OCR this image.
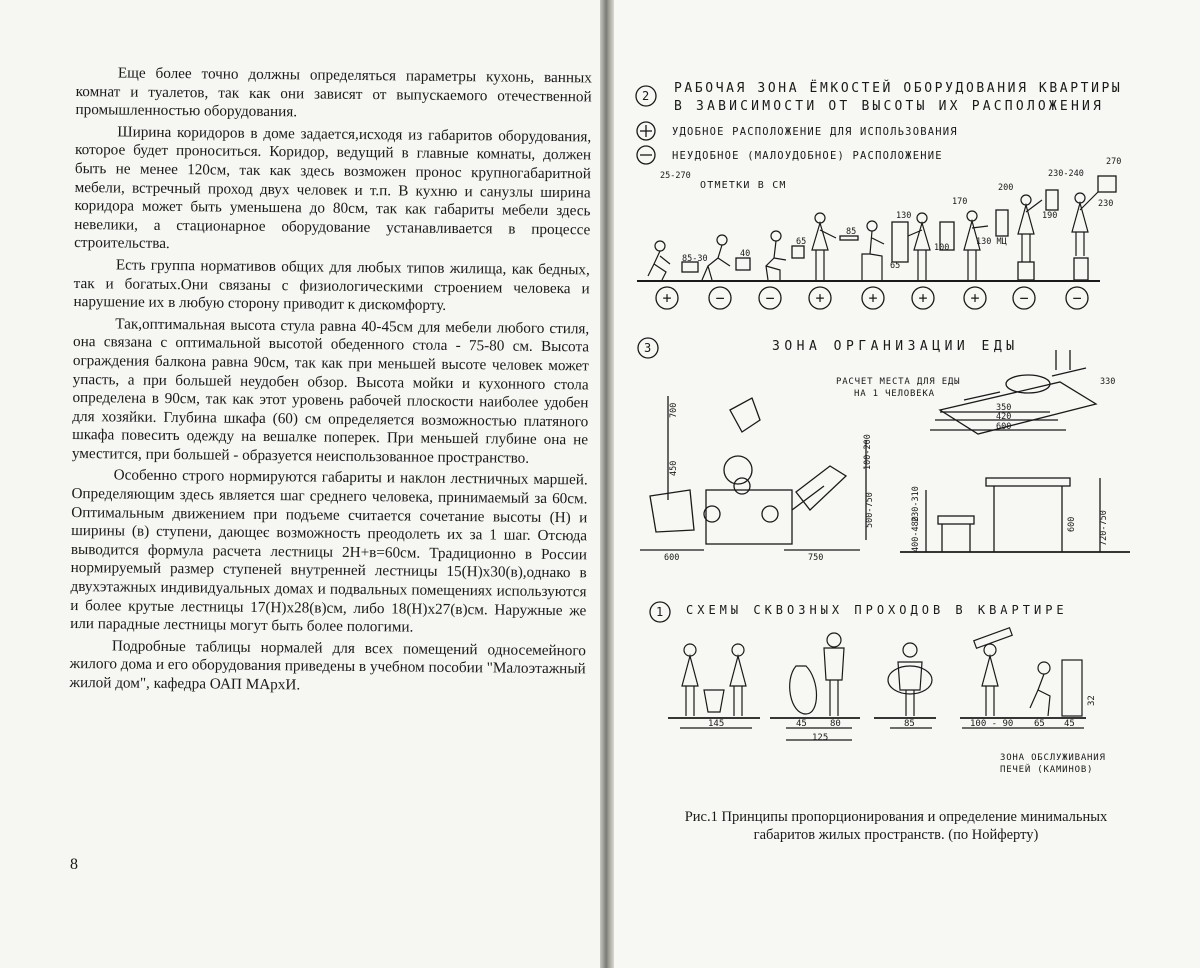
Еще более точно должны определяться параметры кухонь, ванных комнат и туалетов, так как они зависят от выпускаемого отечественной промышленностью оборудования.

Ширина коридоров в доме задается,исходя из габаритов оборудования, которое будет проноситься. Коридор, ведущий в главные комнаты, должен быть не менее 120см, так как здесь возможен пронос крупногабаритной мебели, встречный проход двух человек и т.п. В кухню и санузлы ширина коридора может быть уменьшена до 80см, так как габариты мебели здесь невелики, а стационарное оборудование устанавливается в процессе строительства.

Есть группа нормативов общих для любых типов жилища, как бедных, так и богатых.Они связаны с физиологическими строением человека и нарушение их в любую сторону приводит к дискомфорту.

Так,оптимальная высота стула равна 40-45см для мебели любого стиля, она связана с оптимальной высотой обеденного стола - 75-80 см. Высота ограждения балкона равна 90см, так как при меньшей высоте человек может упасть, а при большей неудобен обзор. Высота мойки и кухонного стола определена в 90см, так как этот уровень рабочей плоскости наиболее удобен для хозяйки. Глубина шкафа (60) см определяется возможностью платяного шкафа повесить одежду на вешалке поперек. При меньшей глубине она не уместится, при большей - образуется неиспользованное пространство.

Особенно строго нормируются габариты и наклон лестничных маршей. Определяющим здесь является шаг среднего человека, принимаемый за 60см. Оптимальным движением при подъеме считается сочетание высоты (Н) и ширины (в) ступени, дающеє возможность преодолеть их за 1 шаг. Отсюда выводится формула расчета лестницы 2Н+в=60см. Традиционно в России нормируемый размер ступеней внутренней лестницы 15(Н)х30(в),однако в двухэтажных индивидуальных домах и подвальных помещениях используются и более крутые лестницы 17(Н)х28(в)см, либо 18(Н)х27(в)см. Наружные же или парадные лестницы могут быть более пологими.

Подробные таблицы нормалей для всех помещений односемейного жилого дома и его оборудования приведены в учебном пособии "Малоэтажный жилой дом", кафедра ОАП МАрхИ.

8
2 РАБОЧАЯ ЗОНА ЁМКОСТЕЙ ОБОРУДОВАНИЯ КВАРТИРЫ
В ЗАВИСИМОСТИ ОТ ВЫСОТЫ ИХ РАСПОЛОЖЕНИЯ
УДОБНОЕ РАСПОЛОЖЕНИЕ ДЛЯ ИСПОЛЬЗОВАНИЯ
НЕУДОБНОЕ (МАЛОУДОБНОЕ) РАСПОЛОЖЕНИЕ
ОТМЕТКИ В СМ
25-270
85-30	40
65
85
130
65
100
170
130 МЦ
200
230-240
190
270
230
+	−	−	+	+	+	+	−	−
3	ЗОНА ОРГАНИЗАЦИИ ЕДЫ
РАСЧЕТ МЕСТА ДЛЯ ЕДЫ
НА 1 ЧЕЛОВЕКА
350
420
600
330
700
450	100-200
500-750
600	750
230-310
400-480	600	720-750
1 СХЕМЫ СКВОЗНЫХ ПРОХОДОВ В КВАРТИРЕ
145	45	80
125
85	100 - 90 65 45
32
ЗОНА ОБСЛУЖИВАНИЯ
ПЕЧЕЙ (КАМИНОВ)
Рис.1 Принципы пропорционирования и определение минимальных габаритов жилых пространств. (по Нойферту)
